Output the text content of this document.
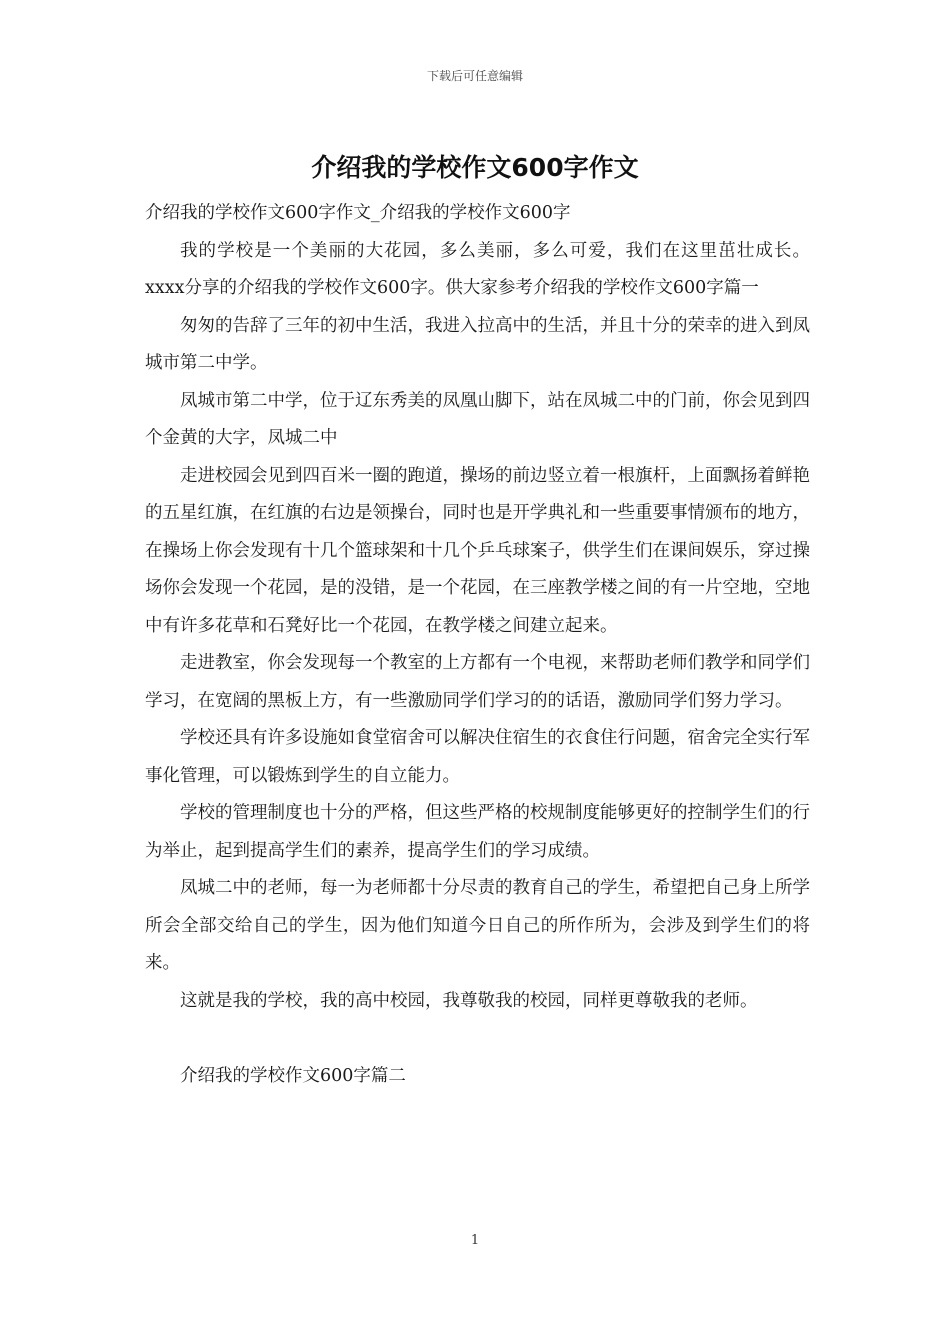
下载后可任意编辑
介绍我的学校作文600字作文

介绍我的学校作文600字作文_介绍我的学校作文600字

我的学校是一个美丽的大花园，多么美丽，多么可爱，我们在这里茁壮成长。xxxx分享的介绍我的学校作文600字。供大家参考介绍我的学校作文600字篇一

匆匆的告辞了三年的初中生活，我进入拉高中的生活，并且十分的荣幸的进入到凤城市第二中学。

凤城市第二中学，位于辽东秀美的凤凰山脚下，站在凤城二中的门前，你会见到四个金黄的大字，凤城二中

走进校园会见到四百米一圈的跑道，操场的前边竖立着一根旗杆，上面飘扬着鲜艳的五星红旗，在红旗的右边是领操台，同时也是开学典礼和一些重要事情颁布的地方，在操场上你会发现有十几个篮球架和十几个乒乓球案子，供学生们在课间娱乐，穿过操场你会发现一个花园，是的没错，是一个花园，在三座教学楼之间的有一片空地，空地中有许多花草和石凳好比一个花园，在教学楼之间建立起来。

走进教室，你会发现每一个教室的上方都有一个电视，来帮助老师们教学和同学们学习，在宽阔的黑板上方，有一些激励同学们学习的的话语，激励同学们努力学习。

学校还具有许多设施如食堂宿舍可以解决住宿生的衣食住行问题，宿舍完全实行军事化管理，可以锻炼到学生的自立能力。

学校的管理制度也十分的严格，但这些严格的校规制度能够更好的控制学生们的行为举止，起到提高学生们的素养，提高学生们的学习成绩。

凤城二中的老师，每一为老师都十分尽责的教育自己的学生，希望把自己身上所学所会全部交给自己的学生，因为他们知道今日自己的所作所为，会涉及到学生们的将来。

这就是我的学校，我的高中校园，我尊敬我的校园，同样更尊敬我的老师。

介绍我的学校作文600字篇二

1
